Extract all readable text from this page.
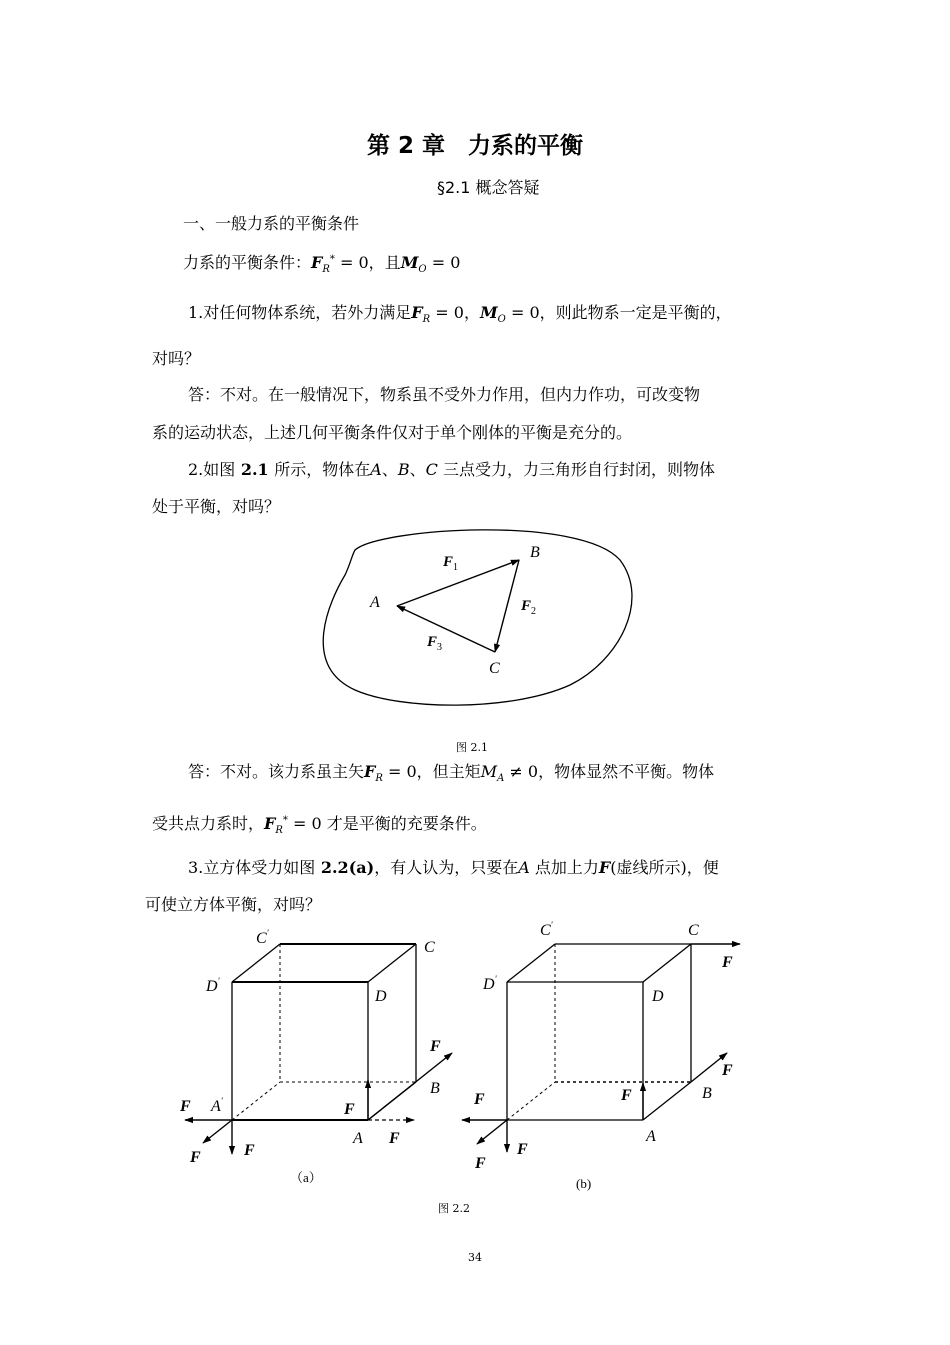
第 2 章　力系的平衡
§2.1 概念答疑
一、一般力系的平衡条件
力系的平衡条件：$F_R^* = 0$，且$M_O = 0$
1.对任何物体系统，若外力满足$F_R = 0$，$M_O = 0$，则此物系一定是平衡的，
对吗？
答：不对。在一般情况下，物系虽不受外力作用，但内力作功，可改变物
系的运动状态，上述几何平衡条件仅对于单个刚体的平衡是充分的。
2.如图 2.1 所示，物体在A、B、C 三点受力，力三角形自行封闭，则物体
处于平衡，对吗？
$F_1$
$F_2$
$F_3$
A
B
C
图 2.1
答：不对。该力系虽主矢$F_R = 0$，但主矩$M_A \ne 0$，物体显然不平衡。物体
受共点力系时，$F_R^* = 0$ 才是平衡的充要条件。
3.立方体受力如图 2.2(a)，有人认为，只要在A 点加上力F(虚线所示)，便
可使立方体平衡，对吗？
C'
C
D'
D
B
A'
A
F
F
F
F
F
F
（a）
C'	C
D'
D
B
A
F
F
F
F
F
F
(b)
图 2.2
34
